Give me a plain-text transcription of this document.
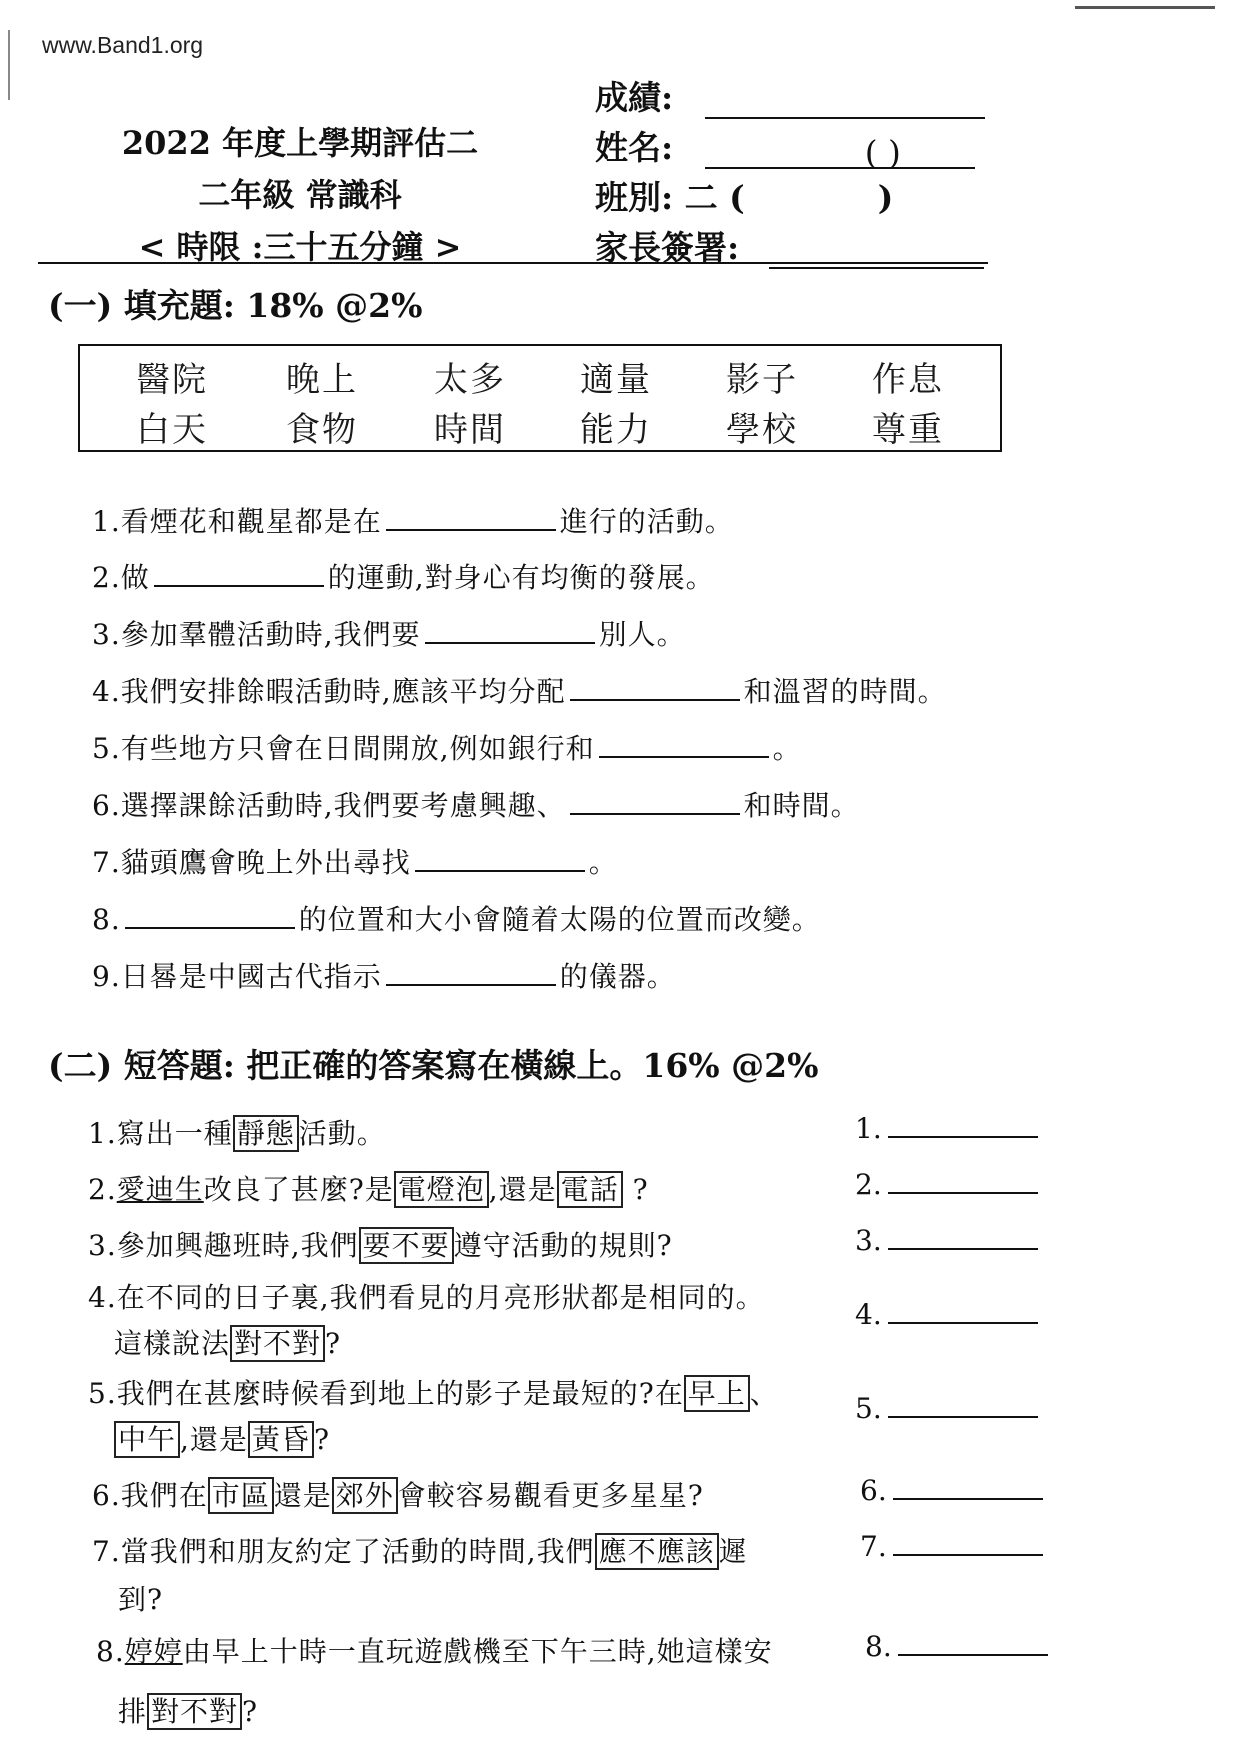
www.Band1.org
2022 年度上學期評估二
二年級 常識科
< 時限 :三十五分鐘 >
成績:
姓名:	( )
班別: 二 (	)
家長簽署:
(一) 填充題: 18% @2%
醫院 晚上 太多 適量 影子 作息
白天 食物 時間 能力 學校 尊重
1.看煙花和觀星都是在	進行的活動。
2.做	的運動,對身心有均衡的發展。
3.參加羣體活動時,我們要	別人。
4.我們安排餘暇活動時,應該平均分配	和溫習的時間。
5.有些地方只會在日間開放,例如銀行和	。
6.選擇課餘活動時,我們要考慮興趣、	和時間。
7.貓頭鷹會晚上外出尋找	。
8.	的位置和大小會隨着太陽的位置而改變。
9.日晷是中國古代指示	的儀器。
(二) 短答題: 把正確的答案寫在橫線上。16% @2%
1.寫出一種 靜態 活動。
2.愛迪生改良了甚麼?是 電燈泡 ,還是 電話 ?
3.參加興趣班時,我們 要不要 遵守活動的規則?
4.在不同的日子裏,我們看見的月亮形狀都是相同的。
這樣說法 對不對 ?
5.我們在甚麼時候看到地上的影子是最短的?在 早上 、
中午 ,還是 黃昏 ?
6.我們在 市區 還是 郊外 會較容易觀看更多星星?
7.當我們和朋友約定了活動的時間,我們 應不應該 遲
到?
8.婷婷由早上十時一直玩遊戲機至下午三時,她這樣安
排 對不對 ?
1.
2.
3.
4.
5.
6.
7.
8.
